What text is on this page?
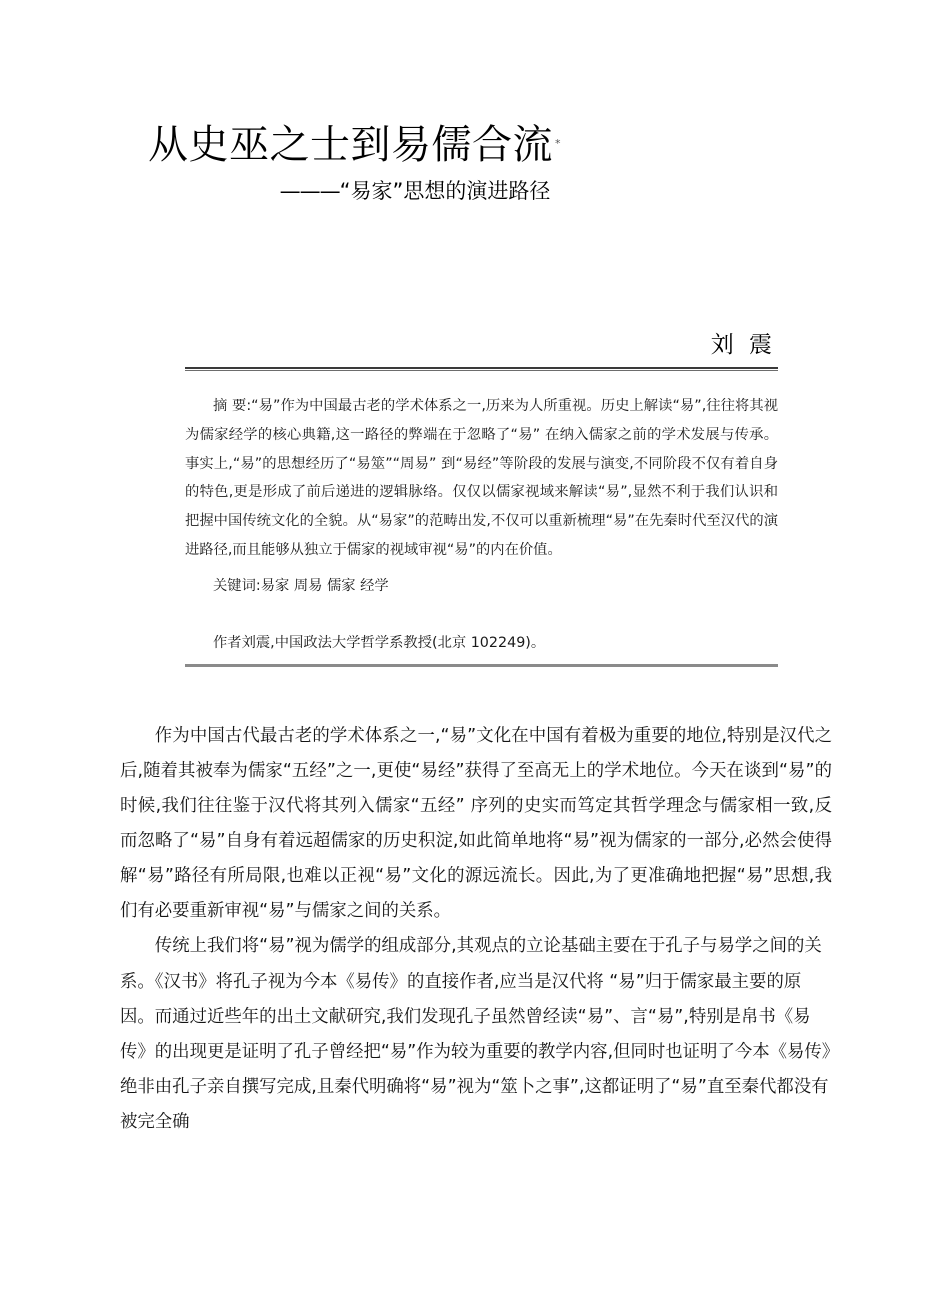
从史巫之士到易儒合流 *
———“易家”思想的演进路径
刘 震
摘 要:“易”作为中国最古老的学术体系之一,历来为人所重视。历史上解读“易”,往往将其视为儒家经学的核心典籍,这一路径的弊端在于忽略了“易” 在纳入儒家之前的学术发展与传承。事实上,“易”的思想经历了“易筮”“周易” 到“易经”等阶段的发展与演变,不同阶段不仅有着自身的特色,更是形成了前后递进的逻辑脉络。仅仅以儒家视域来解读“易”,显然不利于我们认识和把握中国传统文化的全貌。从“易家”的范畴出发,不仅可以重新梳理“易”在先秦时代至汉代的演进路径,而且能够从独立于儒家的视域审视“易”的内在价值。
关键词:易家 周易 儒家 经学
作者刘震,中国政法大学哲学系教授(北京 102249)。

作为中国古代最古老的学术体系之一,“易”文化在中国有着极为重要的地位,特别是汉代之后,随着其被奉为儒家“五经”之一,更使“易经”获得了至高无上的学术地位。今天在谈到“易”的时候,我们往往鉴于汉代将其列入儒家“五经” 序列的史实而笃定其哲学理念与儒家相一致,反而忽略了“易”自身有着远超儒家的历史积淀,如此简单地将“易”视为儒家的一部分,必然会使得解“易”路径有所局限,也难以正视“易”文化的源远流长。因此,为了更准确地把握“易”思想,我们有必要重新审视“易”与儒家之间的关系。

传统上我们将“易”视为儒学的组成部分,其观点的立论基础主要在于孔子与易学之间的关系。《汉书》将孔子视为今本《易传》的直接作者,应当是汉代将 “易”归于儒家最主要的原因。而通过近些年的出土文献研究,我们发现孔子虽然曾经读“易”、言“易”,特别是帛书《易传》的出现更是证明了孔子曾经把“易”作为较为重要的教学内容,但同时也证明了今本《易传》绝非由孔子亲自撰写完成,且秦代明确将“易”视为“筮卜之事”,这都证明了“易”直至秦代都没有被完全确
